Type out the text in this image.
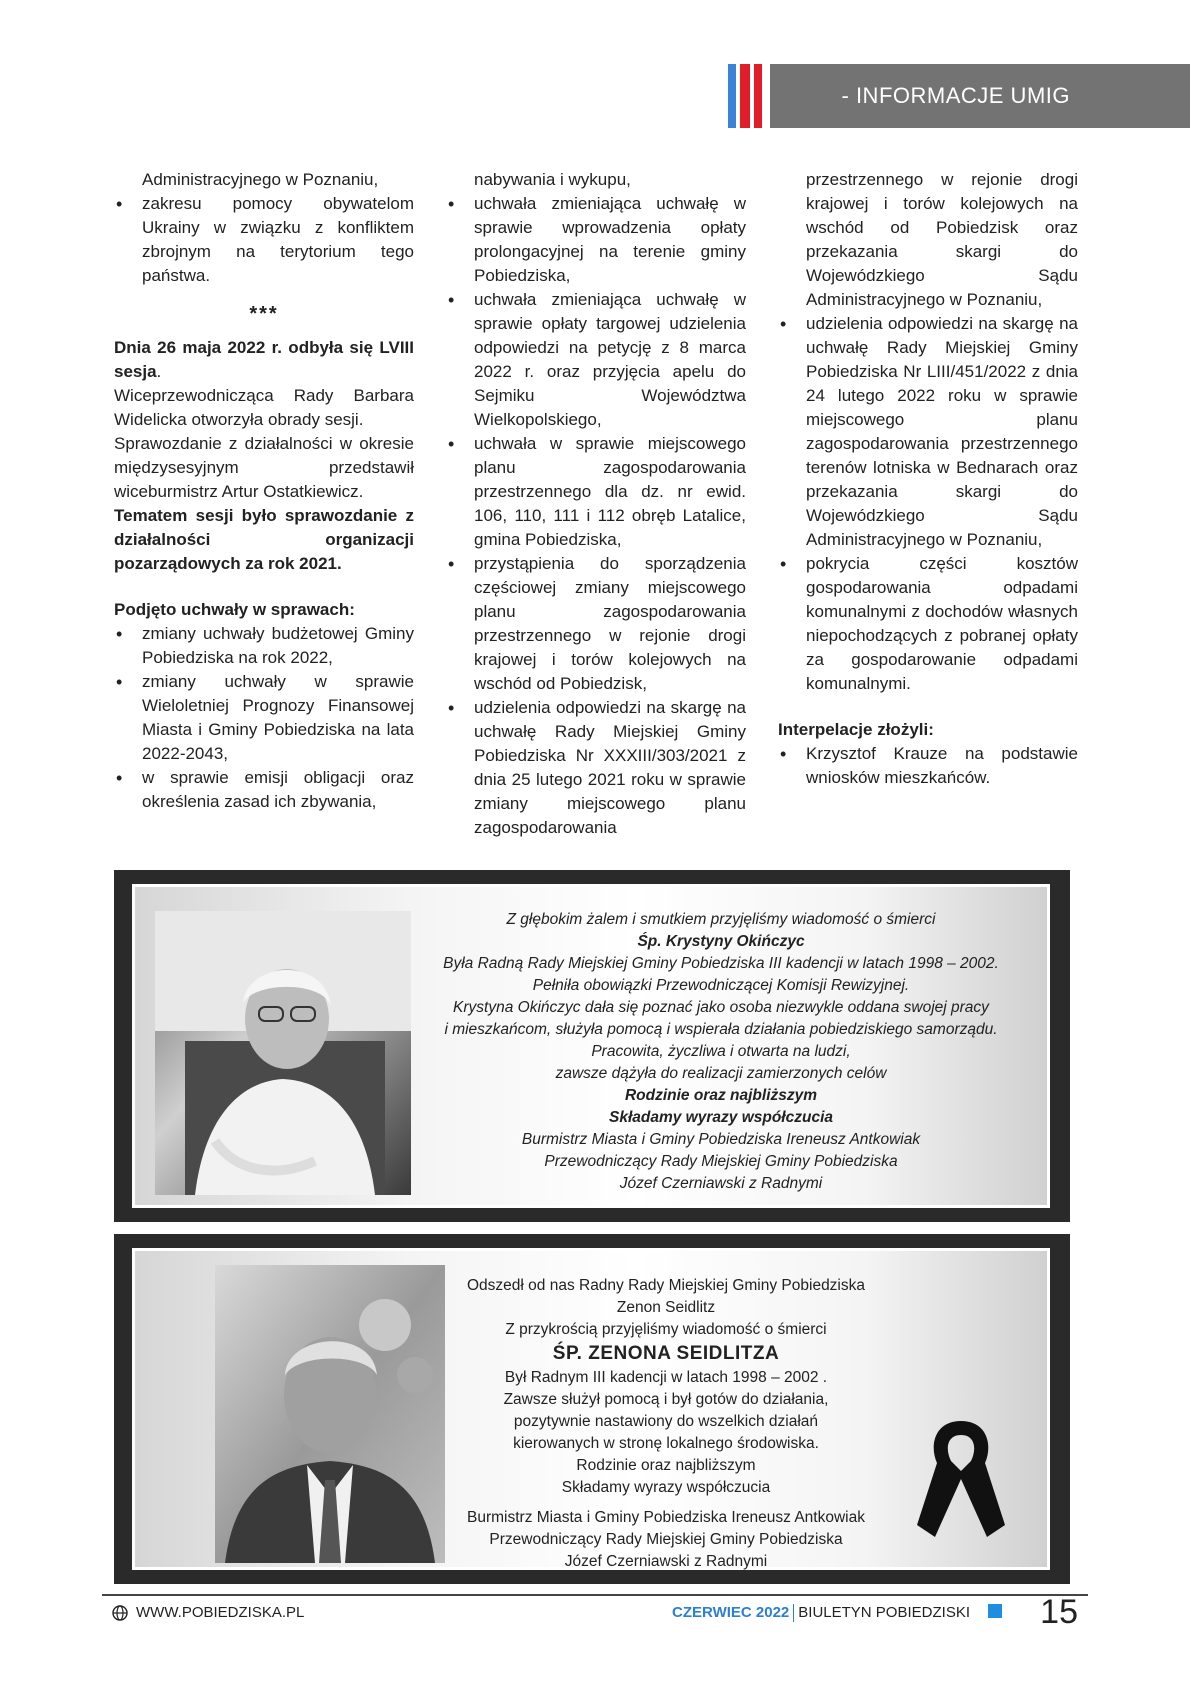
- INFORMACJE UMIG

Administracyjnego w Poznaniu,

• zakresu pomocy obywatelom Ukrainy w związku z konfliktem zbrojnym na terytorium tego państwa.
***

Dnia 26 maja 2022 r. odbyła się LVIII sesja.

Wiceprzewodnicząca Rady Barbara Widelicka otworzyła obrady sesji.

Sprawozdanie z działalności w okresie międzysesyjnym przedstawił wiceburmistrz Artur Ostatkiewicz.

Tematem sesji było sprawozdanie z działalności organizacji pozarządowych za rok 2021.

Podjęto uchwały w sprawach:

• zmiany uchwały budżetowej Gminy Pobiedziska na rok 2022,
• zmiany uchwały w sprawie Wieloletniej Prognozy Finansowej Miasta i Gminy Pobiedziska na lata 2022-2043,
• w sprawie emisji obligacji oraz określenia zasad ich zbywania,

nabywania i wykupu,

• uchwała zmieniająca uchwałę w sprawie wprowadzenia opłaty prolongacyjnej na terenie gminy Pobiedziska,
• uchwała zmieniająca uchwałę w sprawie opłaty targowej udzielenia odpowiedzi na petycję z 8 marca 2022 r. oraz przyjęcia apelu do Sejmiku Województwa Wielkopolskiego,
• uchwała w sprawie miejscowego planu zagospodarowania przestrzennego dla dz. nr ewid. 106, 110, 111 i 112 obręb Latalice, gmina Pobiedziska,
• przystąpienia do sporządzenia częściowej zmiany miejscowego planu zagospodarowania przestrzennego w rejonie drogi krajowej i torów kolejowych na wschód od Pobiedzisk,
• udzielenia odpowiedzi na skargę na uchwałę Rady Miejskiej Gminy Pobiedziska Nr XXXIII/303/2021 z dnia 25 lutego 2021 roku w sprawie zmiany miejscowego planu zagospodarowania

przestrzennego w rejonie drogi krajowej i torów kolejowych na wschód od Pobiedzisk oraz przekazania skargi do Wojewódzkiego Sądu Administracyjnego w Poznaniu,

• udzielenia odpowiedzi na skargę na uchwałę Rady Miejskiej Gminy Pobiedziska Nr LIII/451/2022 z dnia 24 lutego 2022 roku w sprawie miejscowego planu zagospodarowania przestrzennego terenów lotniska w Bednarach oraz przekazania skargi do Wojewódzkiego Sądu Administracyjnego w Poznaniu,
• pokrycia części kosztów gospodarowania odpadami komunalnymi z dochodów własnych niepochodzących z pobranej opłaty za gospodarowanie odpadami komunalnymi.

Interpelacje złożyli:

• Krzysztof Krauze na podstawie wniosków mieszkańców.
Z głębokim żalem i smutkiem przyjęliśmy wiadomość o śmierci
Śp. Krystyny Okińczyc
Była Radną Rady Miejskiej Gminy Pobiedziska III kadencji w latach 1998 – 2002.
Pełniła obowiązki Przewodniczącej Komisji Rewizyjnej.
Krystyna Okińczyc dała się poznać jako osoba niezwykle oddana swojej pracy
i mieszkańcom, służyła pomocą i wspierała działania pobiedziskiego samorządu.
Pracowita, życzliwa i otwarta na ludzi,
zawsze dążyła do realizacji zamierzonych celów
Rodzinie oraz najbliższym
Składamy wyrazy współczucia
Burmistrz Miasta i Gminy Pobiedziska Ireneusz Antkowiak
Przewodniczący Rady Miejskiej Gminy Pobiedziska
Józef Czerniawski z Radnymi
Odszedł od nas Radny Rady Miejskiej Gminy Pobiedziska
Zenon Seidlitz
Z przykrością przyjęliśmy wiadomość o śmierci
ŚP. ZENONA SEIDLITZA
Był Radnym III kadencji w latach 1998 – 2002 .
Zawsze służył pomocą i był gotów do działania,
pozytywnie nastawiony do wszelkich działań
kierowanych w stronę lokalnego środowiska.
Rodzinie oraz najbliższym
Składamy wyrazy współczucia
Burmistrz Miasta i Gminy Pobiedziska Ireneusz Antkowiak
Przewodniczący Rady Miejskiej Gminy Pobiedziska
Józef Czerniawski z Radnymi
WWW.POBIEDZISKA.PL	CZERWIEC 2022 BIULETYN POBIEDZISKI 15
